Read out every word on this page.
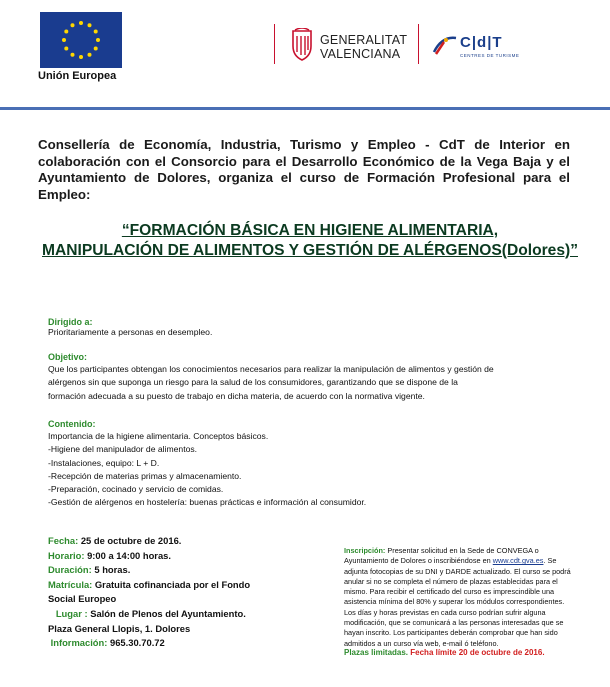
Unión Europea
GENERALITAT
VALENCIANA
C|d|T
CENTRES DE TURISME
Consellería de Economía, Industria, Turismo y Empleo - CdT de Interior en colaboración con el Consorcio para el Desarrollo Económico de la Vega Baja y el Ayuntamiento de Dolores, organiza el curso de Formación Profesional para el Empleo:
“FORMACIÓN BÁSICA EN HIGIENE ALIMENTARIA,
MANIPULACIÓN DE ALIMENTOS Y GESTIÓN DE ALÉRGENOS(Dolores)”
Dirigido a:
Prioritariamente a personas en desempleo.
Objetivo:
Que los participantes obtengan los conocimientos necesarios para realizar la manipulación de alimentos y gestión de
alérgenos sin que suponga un riesgo para la salud de los consumidores, garantizando que se dispone de la
formación adecuada a su puesto de trabajo en dicha materia, de acuerdo con la normativa vigente.
Contenido:
Importancia de la higiene alimentaria. Conceptos básicos.
-Higiene del manipulador de alimentos.
-Instalaciones, equipo: L + D.
-Recepción de materias primas y almacenamiento.
-Preparación, cocinado y servicio de comidas.
-Gestión de alérgenos en hostelería: buenas prácticas e información al consumidor.
Fecha: 25 de octubre de 2016.
Horario: 9:00 a 14:00 horas.
Duración: 5 horas.
Matrícula: Gratuita cofinanciada por el Fondo
Social Europeo
Lugar : Salón de Plenos del Ayuntamiento.
Plaza General Llopis, 1. Dolores
Información: 965.30.70.72
Inscripción: Presentar solicitud en la Sede de CONVEGA o Ayuntamiento de Dolores o inscribiéndose en www.cdt.gva.es. Se adjunta fotocopias de su DNI y DARDE actualizado. El curso se podrá anular si no se completa el número de plazas establecidas para el mismo. Para recibir el certificado del curso es imprescindible una asistencia mínima del 80% y superar los módulos correspondientes. Los días y horas previstas en cada curso podrían sufrir alguna modificación, que se comunicará a las personas interesadas que se hayan inscrito. Los participantes deberán comprobar que han sido admitidos a un curso vía web, e-mail ó teléfono.
Plazas limitadas. Fecha límite 20 de octubre de 2016.
